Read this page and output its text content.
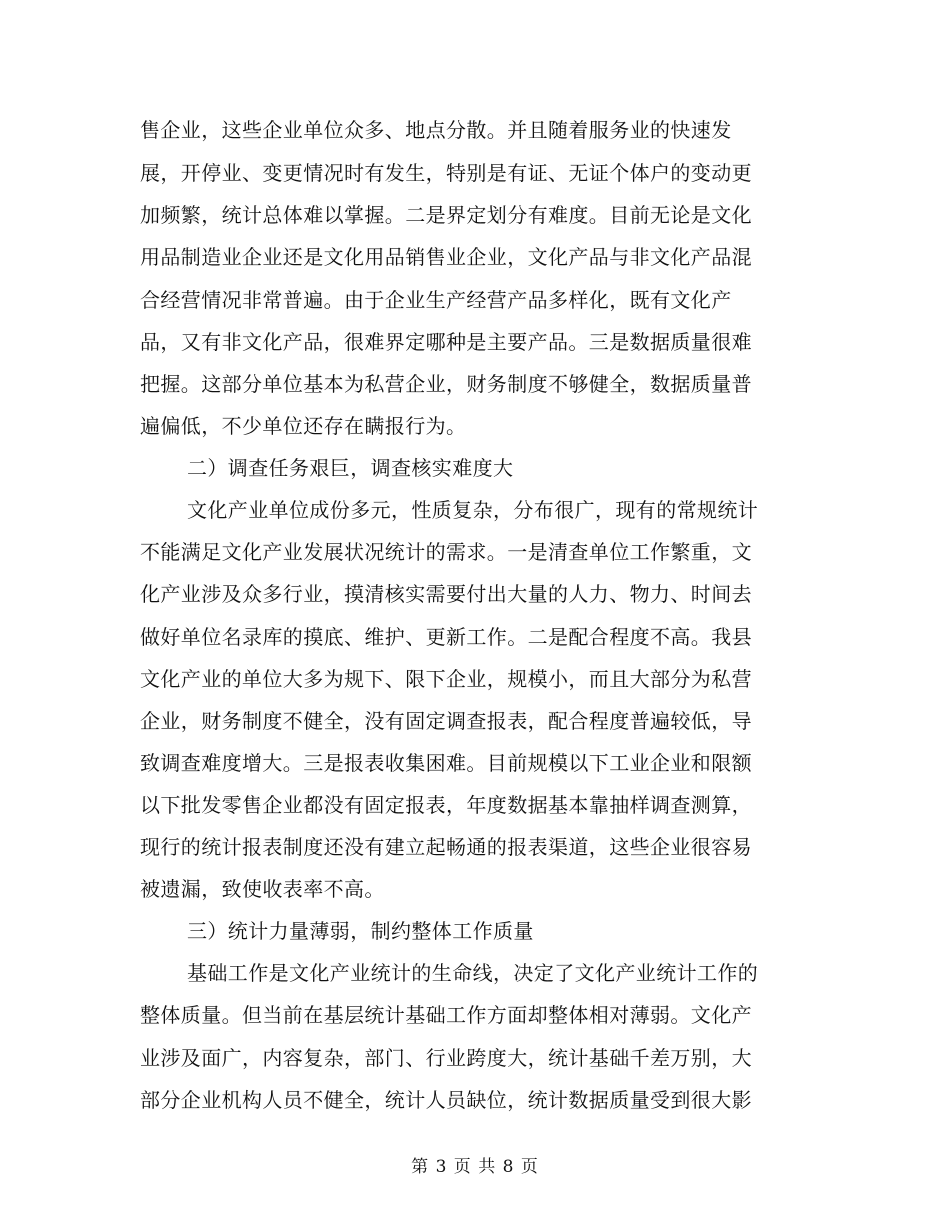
售企业，这些企业单位众多、地点分散。并且随着服务业的快速发
展，开停业、变更情况时有发生，特别是有证、无证个体户的变动更
加频繁，统计总体难以掌握。二是界定划分有难度。目前无论是文化
用品制造业企业还是文化用品销售业企业，文化产品与非文化产品混
合经营情况非常普遍。由于企业生产经营产品多样化，既有文化产
品，又有非文化产品，很难界定哪种是主要产品。三是数据质量很难
把握。这部分单位基本为私营企业，财务制度不够健全，数据质量普
遍偏低，不少单位还存在瞒报行为。
二）调查任务艰巨，调查核实难度大
文化产业单位成份多元，性质复杂，分布很广，现有的常规统计
不能满足文化产业发展状况统计的需求。一是清查单位工作繁重，文
化产业涉及众多行业，摸清核实需要付出大量的人力、物力、时间去
做好单位名录库的摸底、维护、更新工作。二是配合程度不高。我县
文化产业的单位大多为规下、限下企业，规模小，而且大部分为私营
企业，财务制度不健全，没有固定调查报表，配合程度普遍较低，导
致调查难度增大。三是报表收集困难。目前规模以下工业企业和限额
以下批发零售企业都没有固定报表，年度数据基本靠抽样调查测算，
现行的统计报表制度还没有建立起畅通的报表渠道，这些企业很容易
被遗漏，致使收表率不高。
三）统计力量薄弱，制约整体工作质量
基础工作是文化产业统计的生命线，决定了文化产业统计工作的
整体质量。但当前在基层统计基础工作方面却整体相对薄弱。文化产
业涉及面广，内容复杂，部门、行业跨度大，统计基础千差万别，大
部分企业机构人员不健全，统计人员缺位，统计数据质量受到很大影
第 3 页 共 8 页
